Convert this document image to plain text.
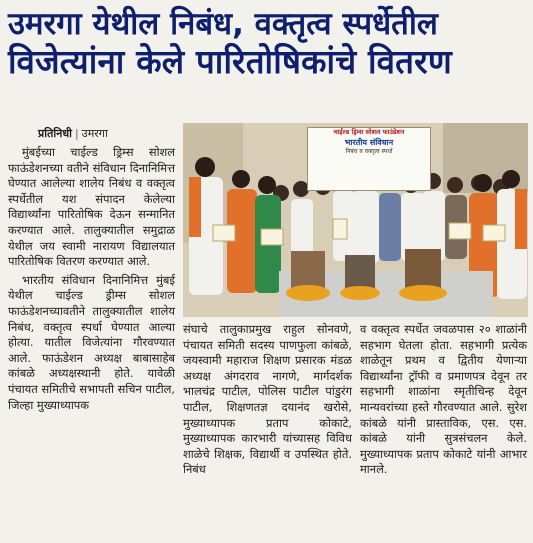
उमरगा येथील निबंध, वक्तृत्व स्पर्धेतील
विजेत्यांना केले पारितोषिकांचे वितरण
प्रतिनिधी | उमरगा

मुंबईच्या चाईल्ड ड्रिम्स सोशल फाऊंडेशनच्या वतीने संविधान दिनानिमित्त घेण्यात आलेल्या शालेय निबंध व वक्तृत्व स्पर्धेतील यश संपादन केलेल्या विद्यार्थ्यांना पारितोषिक देऊन सन्मानित करण्यात आले. तालुक्यातील समुद्राळ येथील जय स्वामी नारायण विद्यालयात पारितोषिक वितरण करण्यात आले.

भारतीय संविधान दिनानिमित्त मुंबई येथील चाईल्ड ड्रीम्स सोशल फाऊंडेशनच्यावतीने तालुक्यातील शालेय निबंध, वक्तृत्व स्पर्धा घेण्यात आल्या होत्या. यातील विजेत्यांना गौरवण्यात आले. फाऊंडेशन अध्यक्ष बाबासाहेब कांबळे अध्यक्षस्थानी होते. यावेळी पंचायत समितीचे सभापती सचिन पाटील, जिल्हा मुख्याध्यापक

चाईल्ड ड्रिम्स सोशल फाउंडेशन
भारतीय संविधान
निबंध व वक्तृत्व स्पर्धा

संघाचे तालुकाप्रमुख राहुल सोनवणे, पंचायत समिती सदस्य पाणफुला कांबळे, जयस्वामी महाराज शिक्षण प्रसारक मंडळ अध्यक्ष अंगदराव नागणे, मार्गदर्शक भालचंद्र पाटील, पोलिस पाटील पांडुरंग पाटील, शिक्षणतज्ञ दयानंद खरोसे, मुख्याध्यापक प्रताप कोकाटे, मुख्याध्यापक कारभारी यांच्यासह विविध शाळेचे शिक्षक, विद्यार्थी व उपस्थित होते. निबंध

व वक्तृत्व स्पर्धेत जवळपास २० शाळांनी सहभाग घेतला होता. सहभागी प्रत्येक शाळेतून प्रथम व द्वितीय येणाऱ्या विद्यार्थ्यांना ट्रॉफी व प्रमाणपत्र देवून तर सहभागी शाळांना स्मृतीचिन्ह देवून मान्यवरांच्या हस्ते गौरवण्यात आले. सुरेश कांबळे यांनी प्रास्ताविक, एस. एस. कांबळे यांनी सुत्रसंचलन केले. मुख्याध्यापक प्रताप कोकाटे यांनी आभार मानले.
